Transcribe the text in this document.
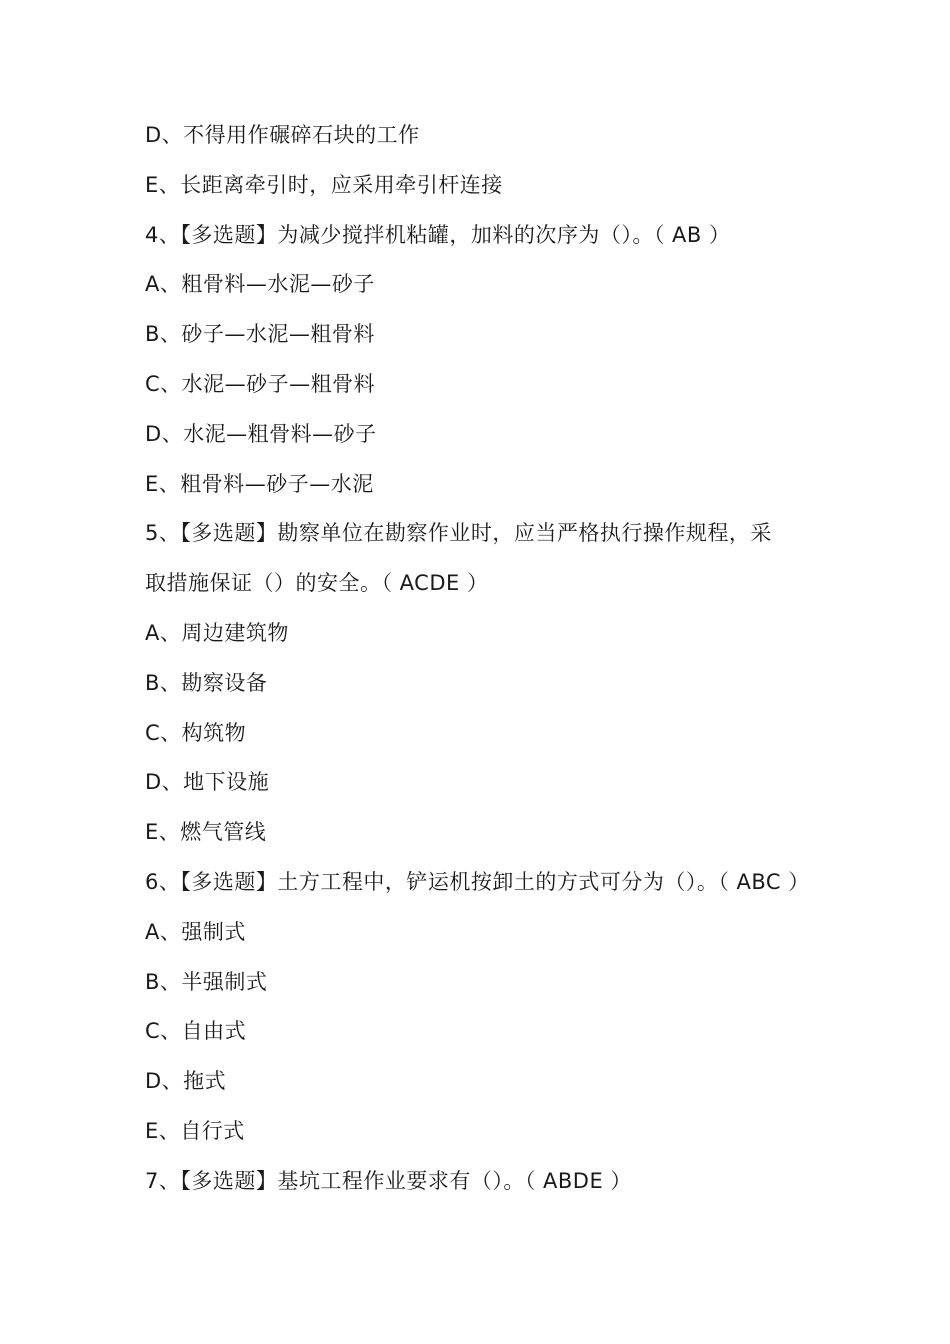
D、不得用作碾碎石块的工作
E、长距离牵引时，应采用牵引杆连接
4、【多选题】为减少搅拌机粘罐，加料的次序为（）。（ AB ）
A、粗骨料—水泥—砂子
B、砂子—水泥—粗骨料
C、水泥—砂子—粗骨料
D、水泥—粗骨料—砂子
E、粗骨料—砂子—水泥
5、【多选题】勘察单位在勘察作业时，应当严格执行操作规程，采
取措施保证（）的安全。（ ACDE ）
A、周边建筑物
B、勘察设备
C、构筑物
D、地下设施
E、燃气管线
6、【多选题】土方工程中，铲运机按卸土的方式可分为（）。（ ABC ）
A、强制式
B、半强制式
C、自由式
D、拖式
E、自行式
7、【多选题】基坑工程作业要求有（）。（ ABDE ）
